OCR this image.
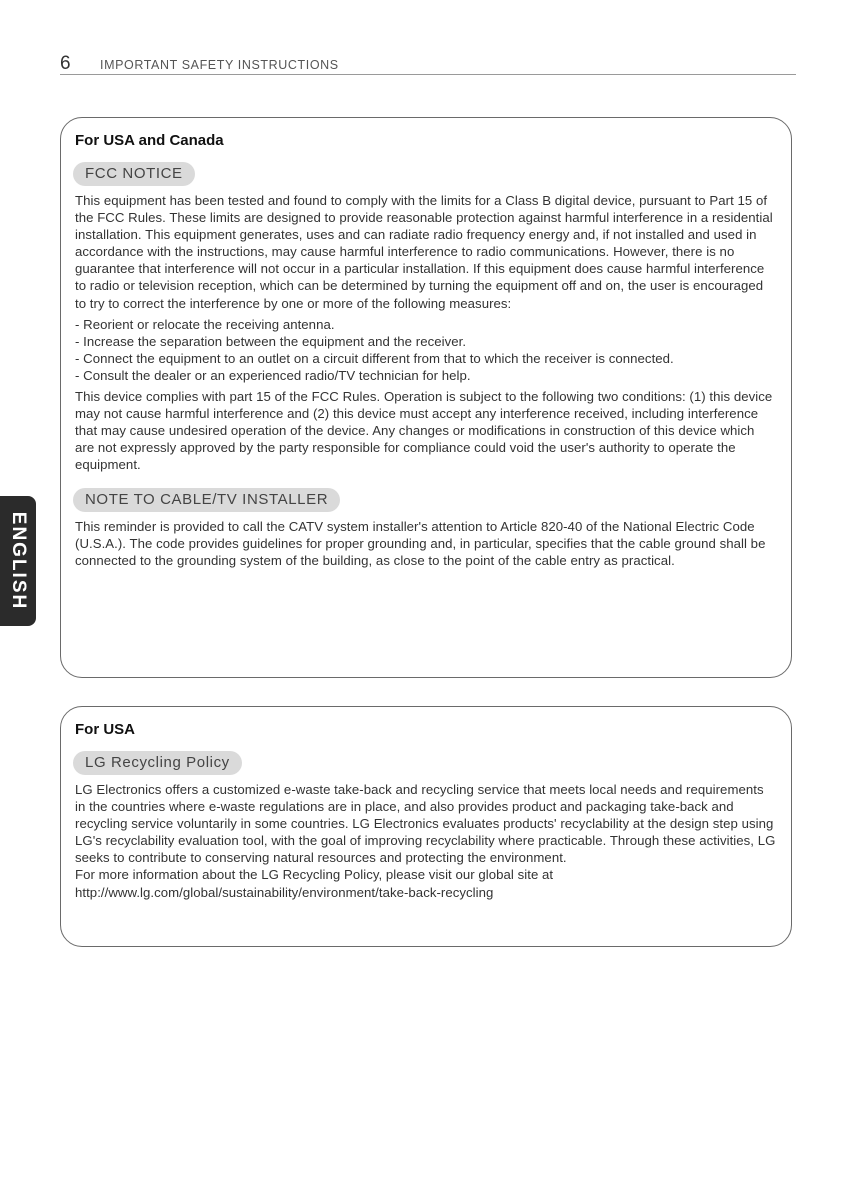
6 IMPORTANT SAFETY INSTRUCTIONS
ENGLISH
For USA and Canada
FCC NOTICE

This equipment has been tested and found to comply with the limits for a Class B digital device, pursuant to Part 15 of the FCC Rules. These limits are designed to provide reasonable protection against harmful interference in a residential installation. This equipment generates, uses and can radiate radio frequency energy and, if not installed and used in accordance with the instructions, may cause harmful interference to radio communications. However, there is no guarantee that interference will not occur in a particular installation. If this equipment does cause harmful interference to radio or television reception, which can be determined by turning the equipment off and on, the user is encouraged to try to correct the interference by one or more of the following measures:

- Reorient or relocate the receiving antenna.

- Increase the separation between the equipment and the receiver.

- Connect the equipment to an outlet on a circuit different from that to which the receiver is connected.

- Consult the dealer or an experienced radio/TV technician for help.

This device complies with part 15 of the FCC Rules. Operation is subject to the following two conditions: (1) this device may not cause harmful interference and (2) this device must accept any interference received, including interference that may cause undesired operation of the device. Any changes or modifications in construction of this device which are not expressly approved by the party responsible for compliance could void the user's authority to operate the equipment.

NOTE TO CABLE/TV INSTALLER

This reminder is provided to call the CATV system installer's attention to Article 820-40 of the National Electric Code (U.S.A.). The code provides guidelines for proper grounding and, in particular, specifies that the cable ground shall be connected to the grounding system of the building, as close to the point of the cable entry as practical.

For USA
LG Recycling Policy

LG Electronics offers a customized e-waste take-back and recycling service that meets local needs and requirements in the countries where e-waste regulations are in place, and also provides product and packaging take-back and recycling service voluntarily in some countries. LG Electronics evaluates products' recyclability at the design step using LG's recyclability evaluation tool, with the goal of improving recyclability where practicable. Through these activities, LG seeks to contribute to conserving natural resources and protecting the environment.

For more information about the LG Recycling Policy, please visit our global site at

http://www.lg.com/global/sustainability/environment/take-back-recycling
